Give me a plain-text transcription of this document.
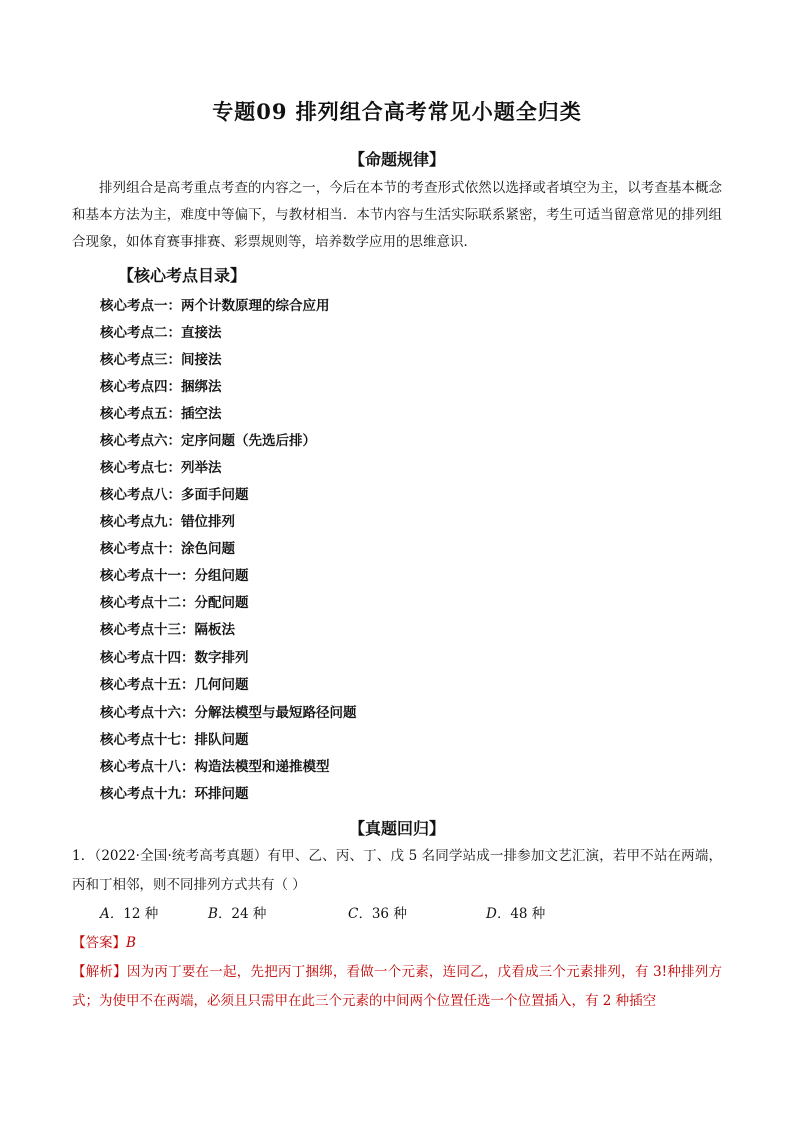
专题09 排列组合高考常见小题全归类
【命题规律】
排列组合是高考重点考查的内容之一，今后在本节的考查形式依然以选择或者填空为主，以考查基本概念和基本方法为主，难度中等偏下，与教材相当．本节内容与生活实际联系紧密，考生可适当留意常见的排列组合现象，如体育赛事排赛、彩票规则等，培养数学应用的思维意识．
【核心考点目录】
核心考点一：两个计数原理的综合应用
核心考点二：直接法
核心考点三：间接法
核心考点四：捆绑法
核心考点五：插空法
核心考点六：定序问题（先选后排）
核心考点七：列举法
核心考点八：多面手问题
核心考点九：错位排列
核心考点十：涂色问题
核心考点十一：分组问题
核心考点十二：分配问题
核心考点十三：隔板法
核心考点十四：数字排列
核心考点十五：几何问题
核心考点十六：分解法模型与最短路径问题
核心考点十七：排队问题
核心考点十八：构造法模型和递推模型
核心考点十九：环排问题
【真题回归】
1．（2022·全国·统考高考真题）有甲、乙、丙、丁、戊 5 名同学站成一排参加文艺汇演，若甲不站在两端，丙和丁相邻，则不同排列方式共有（ ）
A．12 种	B．24 种	C．36 种	D．48 种
【答案】B
【解析】因为丙丁要在一起，先把丙丁捆绑，看做一个元素，连同乙，戊看成三个元素排列，有 3!种排列方式；为使甲不在两端，必须且只需甲在此三个元素的中间两个位置任选一个位置插入，有 2 种插空
